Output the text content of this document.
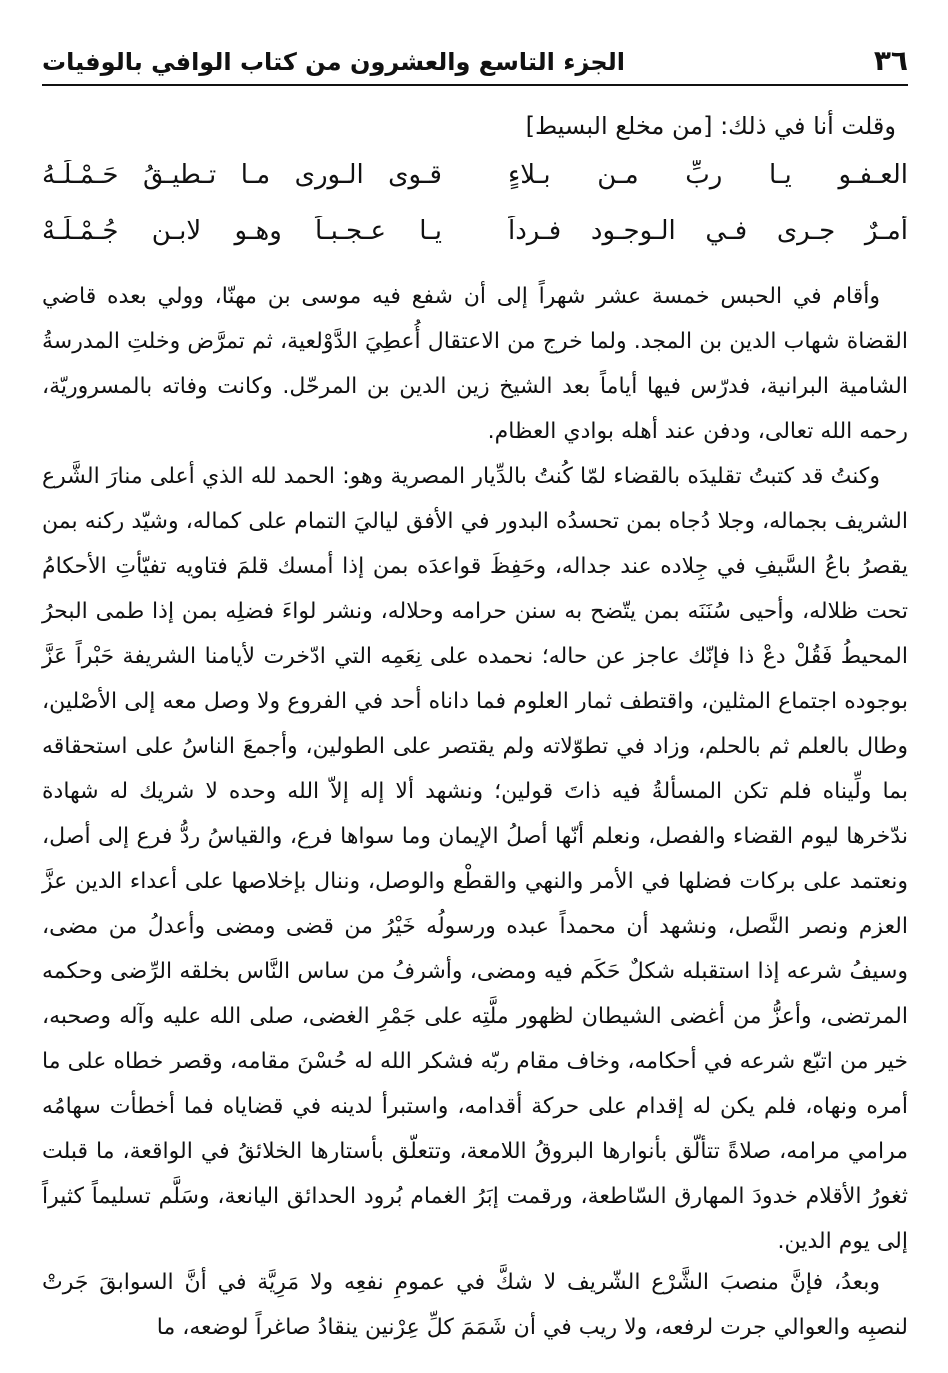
٣٦
الجزء التاسع والعشرون من كتاب الوافي بالوفيات
وقلت أنا في ذلك: [من مخلع البسيط]
العـفـو يـا ربِّ مـن بـلاءٍ
قـوى الـورى مـا تـطيـقُ حَـمْـلَـهُ
أمـرٌ جـرى فـي الـوجـود فـرداً
يـا عـجـبـاً وهـو لابـن جُـمْـلَـهْ

وأقام في الحبس خمسة عشر شهراً إلى أن شفع فيه موسى بن مهنّا، وولي بعده قاضي القضاة شهاب الدين بن المجد. ولما خرج من الاعتقال أُعطِيَ الدَّوْلعية، ثم تمرَّض وخلتِ المدرسةُ الشامية البرانية، فدرّس فيها أياماً بعد الشيخ زين الدين بن المرحّل. وكانت وفاته بالمسروريّة، رحمه الله تعالى، ودفن عند أهله بوادي العظام.

وكنتُ قد كتبتُ تقليدَه بالقضاء لمّا كُنتُ بالدِّيار المصرية وهو: الحمد لله الذي أعلى منارَ الشَّرع الشريف بجماله، وجلا دُجاه بمن تحسدُه البدور في الأفق لياليَ التمام على كماله، وشيّد ركنه بمن يقصرُ باعُ السَّيفِ في جِلاده عند جداله، وحَفِظَ قواعدَه بمن إذا أمسك قلمَ فتاويه تفيّأتِ الأحكامُ تحت ظلاله، وأحيى سُنَنَه بمن يتّضح به سنن حرامه وحلاله، ونشر لواءَ فضلِه بمن إذا طمى البحرُ المحيطُ فَقُلْ دعْ ذا فإنّك عاجز عن حاله؛ نحمده على نِعَمِه التي ادّخرت لأيامنا الشريفة حَبْراً عَزَّ بوجوده اجتماع المثلين، واقتطف ثمار العلوم فما داناه أحد في الفروع ولا وصل معه إلى الأصْلين، وطال بالعلم ثم بالحلم، وزاد في تطوّلاته ولم يقتصر على الطولين، وأجمعَ الناسُ على استحقاقه بما ولِّيناه فلم تكن المسألةُ فيه ذاتَ قولين؛ ونشهد ألا إله إلاّ الله وحده لا شريك له شهادة ندّخرها ليوم القضاء والفصل، ونعلم أنّها أصلُ الإيمان وما سواها فرع، والقياسُ ردُّ فرع إلى أصل، ونعتمد على بركات فضلها في الأمر والنهي والقطْع والوصل، وننال بإخلاصها على أعداء الدين عزَّ العزم ونصر النَّصل، ونشهد أن محمداً عبده ورسولُه خَيْرُ من قضى ومضى وأعدلُ من مضى، وسيفُ شرعه إذا استقبله شكلٌ حَكَم فيه ومضى، وأشرفُ من ساس النَّاس بخلقه الرِّضى وحكمه المرتضى، وأعزُّ من أغضى الشيطان لظهور ملَّتِه على جَمْرِ الغضى، صلى الله عليه وآله وصحبه، خير من اتبّع شرعه في أحكامه، وخاف مقام ربّه فشكر الله له حُسْنَ مقامه، وقصر خطاه على ما أمره ونهاه، فلم يكن له إقدام على حركة أقدامه، واستبرأ لدينه في قضاياه فما أخطأت سهامُه مرامي مرامه، صلاةً تتألّق بأنوارها البروقُ اللامعة، وتتعلّق بأستارها الخلائقُ في الواقعة، ما قبلت ثغورُ الأقلام خدودَ المهارق السّاطعة، ورقمت إبَرُ الغمام بُرود الحدائق اليانعة، وسَلَّم تسليماً كثيراً إلى يوم الدين.

وبعدُ، فإنَّ منصبَ الشَّرْع الشّريف لا شكَّ في عمومِ نفعِه ولا مَرِيَّة في أنَّ السوابقَ جَرتْ لنصبِه والعوالي جرت لرفعه، ولا ريب في أن شَمَمَ كلِّ عِرْنين ينقادُ صاغراً لوضعه، ما
